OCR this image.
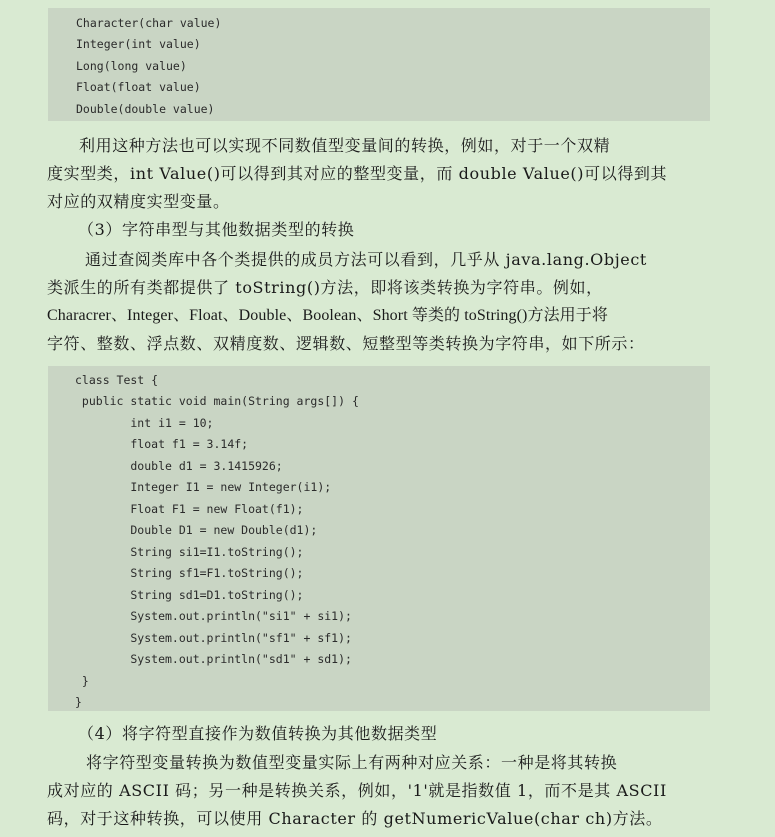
Character(char value)
Integer(int value)
Long(long value)
Float(float value)
Double(double value)
利用这种方法也可以实现不同数值型变量间的转换，例如，对于一个双精
度实型类，int Value()可以得到其对应的整型变量，而 double Value()可以得到其
对应的双精度实型变量。
（3）字符串型与其他数据类型的转换
通过查阅类库中各个类提供的成员方法可以看到，几乎从 java.lang.Object
类派生的所有类都提供了 toString()方法，即将该类转换为字符串。例如，
Characrer、Integer、Float、Double、Boolean、Short 等类的 toString()方法用于将
字符、整数、浮点数、双精度数、逻辑数、短整型等类转换为字符串，如下所示：
class Test {
public static void main(String args[]) {
int i1 = 10;
float f1 = 3.14f;
double d1 = 3.1415926;
Integer I1 = new Integer(i1);
Float F1 = new Float(f1);
Double D1 = new Double(d1);
String si1=I1.toString();
String sf1=F1.toString();
String sd1=D1.toString();
System.out.println("si1" + si1);
System.out.println("sf1" + sf1);
System.out.println("sd1" + sd1);
}
}
（4）将字符型直接作为数值转换为其他数据类型
将字符型变量转换为数值型变量实际上有两种对应关系：一种是将其转换
成对应的 ASCII 码；另一种是转换关系，例如，'1'就是指数值 1，而不是其 ASCII
码，对于这种转换，可以使用 Character 的 getNumericValue(char ch)方法。
